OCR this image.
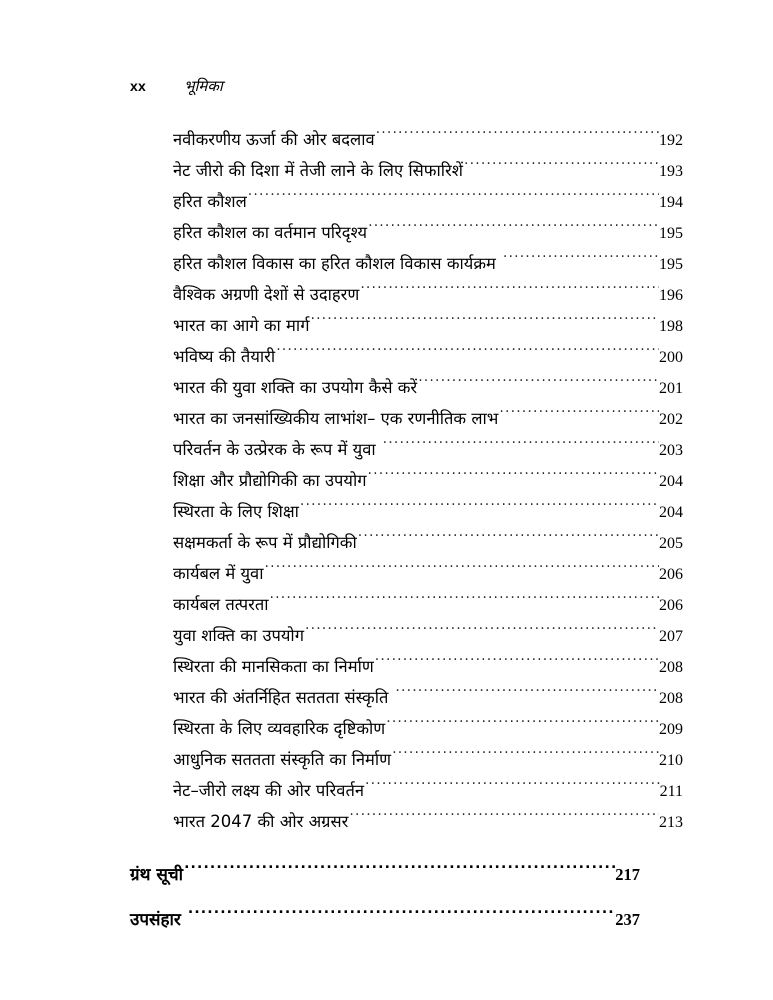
xx	भूमिका
नवीकरणीय ऊर्जा की ओर बदलाव .....	192
नेट जीरो की दिशा में तेजी लाने के लिए सिफारिशें .....	193
हरित कौशल .....	194
हरित कौशल का वर्तमान परिदृश्य .....	195
हरित कौशल विकास का हरित कौशल विकास कार्यक्रम .....	195
वैश्विक अग्रणी देशों से उदाहरण .....	196
भारत का आगे का मार्ग .....	198
भविष्य की तैयारी .....	200
भारत की युवा शक्ति का उपयोग कैसे करें .....	201
भारत का जनसांख्यिकीय लाभांश– एक रणनीतिक लाभ .....	202
परिवर्तन के उत्प्रेरक के रूप में युवा .....	203
शिक्षा और प्रौद्योगिकी का उपयोग .....	204
स्थिरता के लिए शिक्षा .....	204
सक्षमकर्ता के रूप में प्रौद्योगिकी .....	205
कार्यबल में युवा .....	206
कार्यबल तत्परता .....	206
युवा शक्ति का उपयोग .....	207
स्थिरता की मानसिकता का निर्माण .....	208
भारत की अंतर्निहित सततता संस्कृति .....	208
स्थिरता के लिए व्यवहारिक दृष्टिकोण .....	209
आधुनिक सततता संस्कृति का निर्माण .....	210
नेट–जीरो लक्ष्य की ओर परिवर्तन .....	211
भारत 2047 की ओर अग्रसर .....	213
ग्रंथ सूची .....	217
उपसंहार .....	237
